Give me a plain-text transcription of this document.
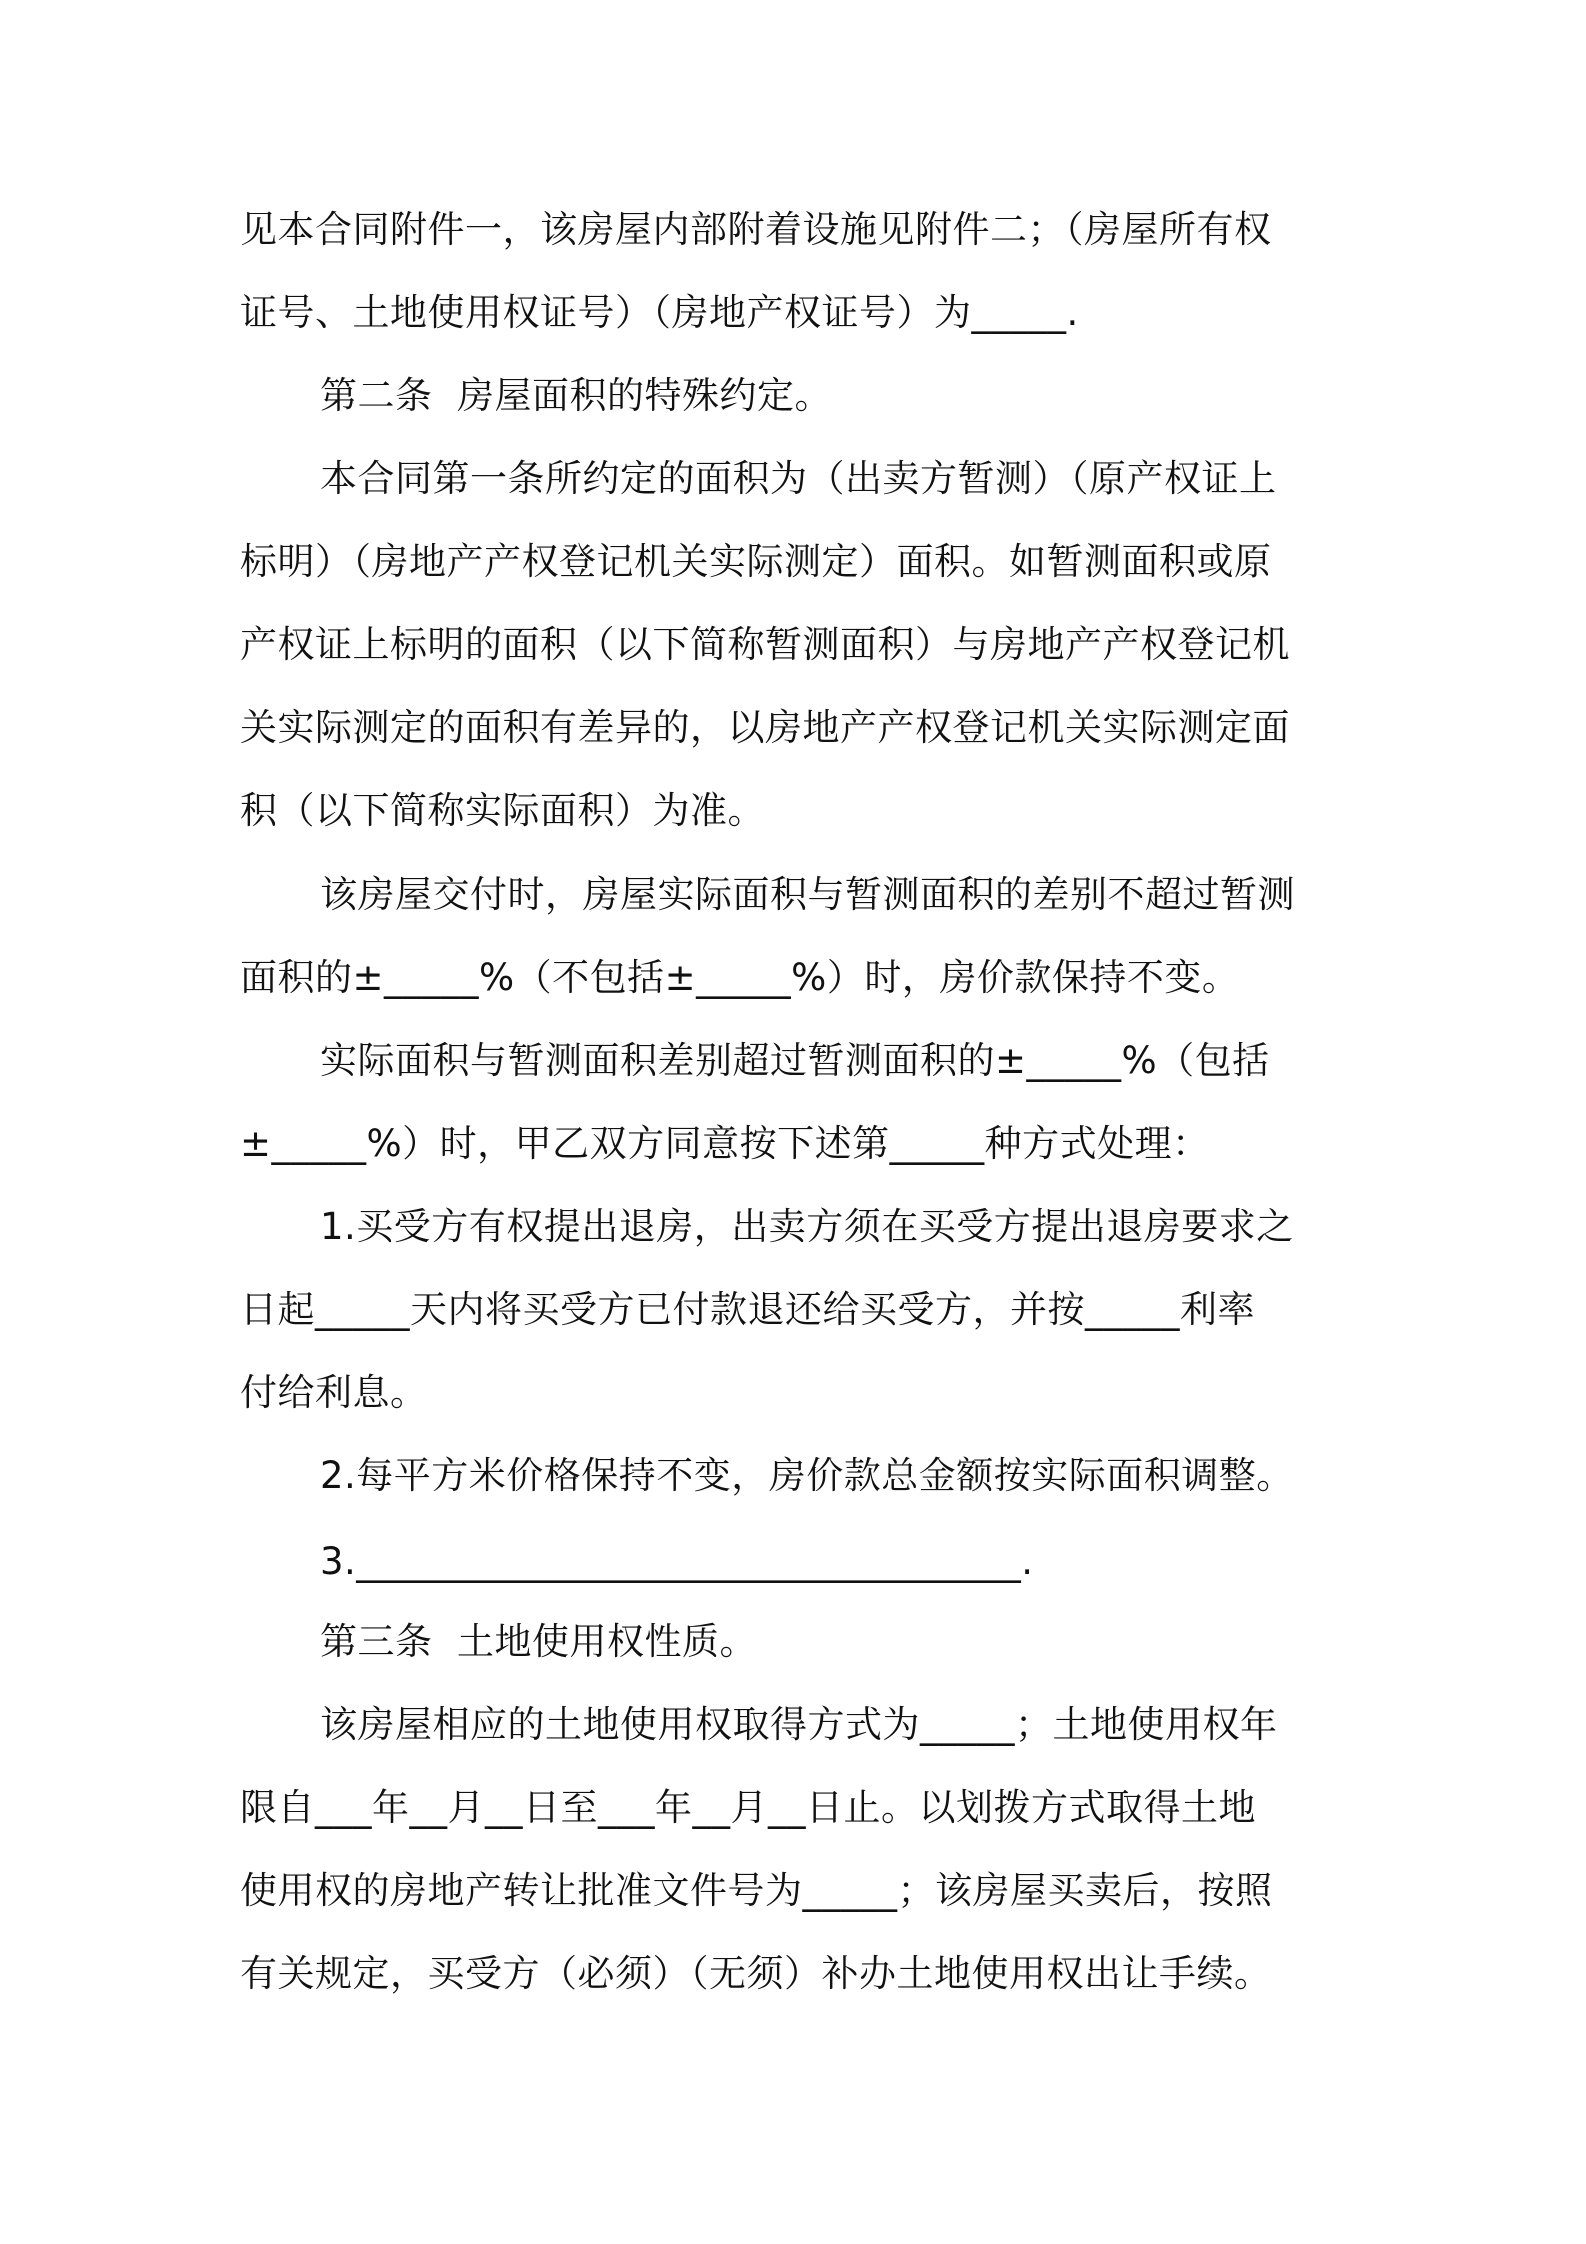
见本合同附件一，该房屋内部附着设施见附件二；（房屋所有权
证号、土地使用权证号）（房地产权证号）为_____.
第二条  房屋面积的特殊约定。
本合同第一条所约定的面积为（出卖方暂测）（原产权证上
标明）（房地产产权登记机关实际测定）面积。如暂测面积或原
产权证上标明的面积（以下简称暂测面积）与房地产产权登记机
关实际测定的面积有差异的，以房地产产权登记机关实际测定面
积（以下简称实际面积）为准。
该房屋交付时，房屋实际面积与暂测面积的差别不超过暂测
面积的±_____%（不包括±_____%）时，房价款保持不变。
实际面积与暂测面积差别超过暂测面积的±_____%（包括
±_____%）时，甲乙双方同意按下述第_____种方式处理：
1.买受方有权提出退房，出卖方须在买受方提出退房要求之
日起_____天内将买受方已付款退还给买受方，并按_____利率
付给利息。
2.每平方米价格保持不变，房价款总金额按实际面积调整。
3.___________________________________.
第三条  土地使用权性质。
该房屋相应的土地使用权取得方式为_____；土地使用权年
限自___年__月__日至___年__月__日止。以划拨方式取得土地
使用权的房地产转让批准文件号为_____；该房屋买卖后，按照
有关规定，买受方（必须）（无须）补办土地使用权出让手续。
